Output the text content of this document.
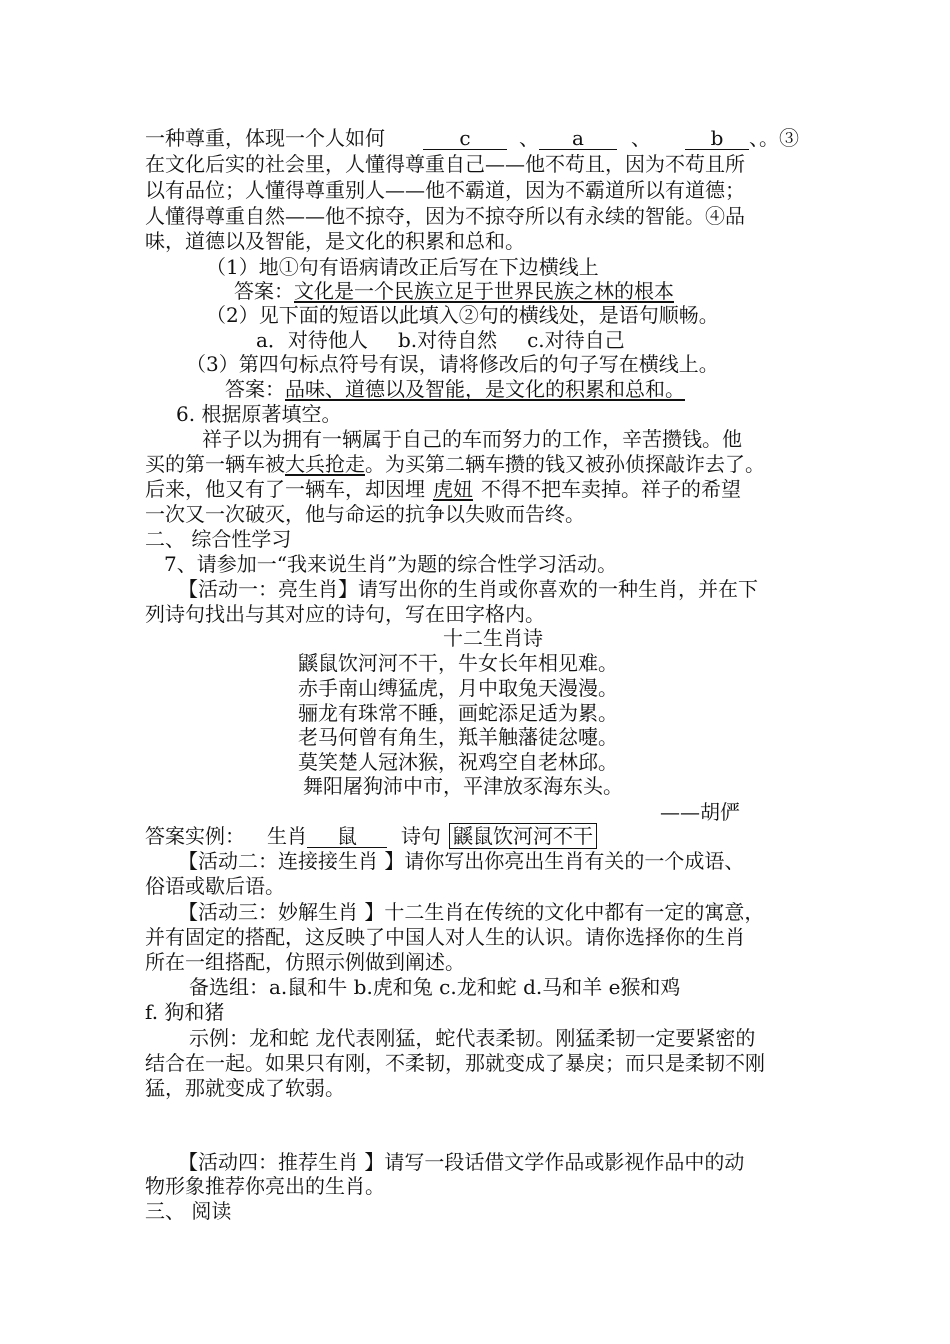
一种尊重，体现一个人如何	c 、 a 、	b 、。③
在文化后实的社会里，人懂得尊重自己——他不苟且，因为不苟且所
以有品位；人懂得尊重别人——他不霸道，因为不霸道所以有道德；
人懂得尊重自然——他不掠夺，因为不掠夺所以有永续的智能。④品
味，道德以及智能，是文化的积累和总和。
（1）地①句有语病请改正后写在下边横线上
答案：文化是一个民族立足于世界民族之林的根本
（2）见下面的短语以此填入②句的横线处，是语句顺畅。
a．对待他人 b.对待自然 c.对待自己
（3）第四句标点符号有误，请将修改后的句子写在横线上。
答案：品味、道德以及智能，是文化的积累和总和。
6. 根据原著填空。
祥子以为拥有一辆属于自己的车而努力的工作，辛苦攒钱。他
买的第一辆车被大兵抢走。为买第二辆车攒的钱又被孙侦探敲诈去了。
后来，他又有了一辆车，却因埋 虎妞 不得不把车卖掉。祥子的希望
一次又一次破灭，他与命运的抗争以失败而告终。
二、 综合性学习
7、请参加一“我来说生肖”为题的综合性学习活动。
【活动一：亮生肖】请写出你的生肖或你喜欢的一种生肖，并在下
列诗句找出与其对应的诗句，写在田字格内。
十二生肖诗
鼷鼠饮河河不干，牛女长年相见难。
赤手南山缚猛虎，月中取兔天漫漫。
骊龙有珠常不睡，画蛇添足适为累。
老马何曾有角生，羝羊触藩徒忿嚏。
莫笑楚人冠沐猴，祝鸡空自老林邱。
舞阳屠狗沛中市，平津放豕海东头。
——胡俨
答案实例： 生肖 鼠 诗句 鼷鼠饮河河不干
【活动二：连接接生肖 】请你写出你亮出生肖有关的一个成语、
俗语或歇后语。
【活动三：妙解生肖 】十二生肖在传统的文化中都有一定的寓意，
并有固定的搭配，这反映了中国人对人生的认识。请你选择你的生肖
所在一组搭配，仿照示例做到阐述。
备选组：a.鼠和牛 b.虎和兔 c.龙和蛇 d.马和羊 e猴和鸡
f. 狗和猪
示例：龙和蛇 龙代表刚猛，蛇代表柔韧。刚猛柔韧一定要紧密的
结合在一起。如果只有刚，不柔韧，那就变成了暴戾；而只是柔韧不刚
猛，那就变成了软弱。
【活动四：推荐生肖 】请写一段话借文学作品或影视作品中的动
物形象推荐你亮出的生肖。
三、 阅读
